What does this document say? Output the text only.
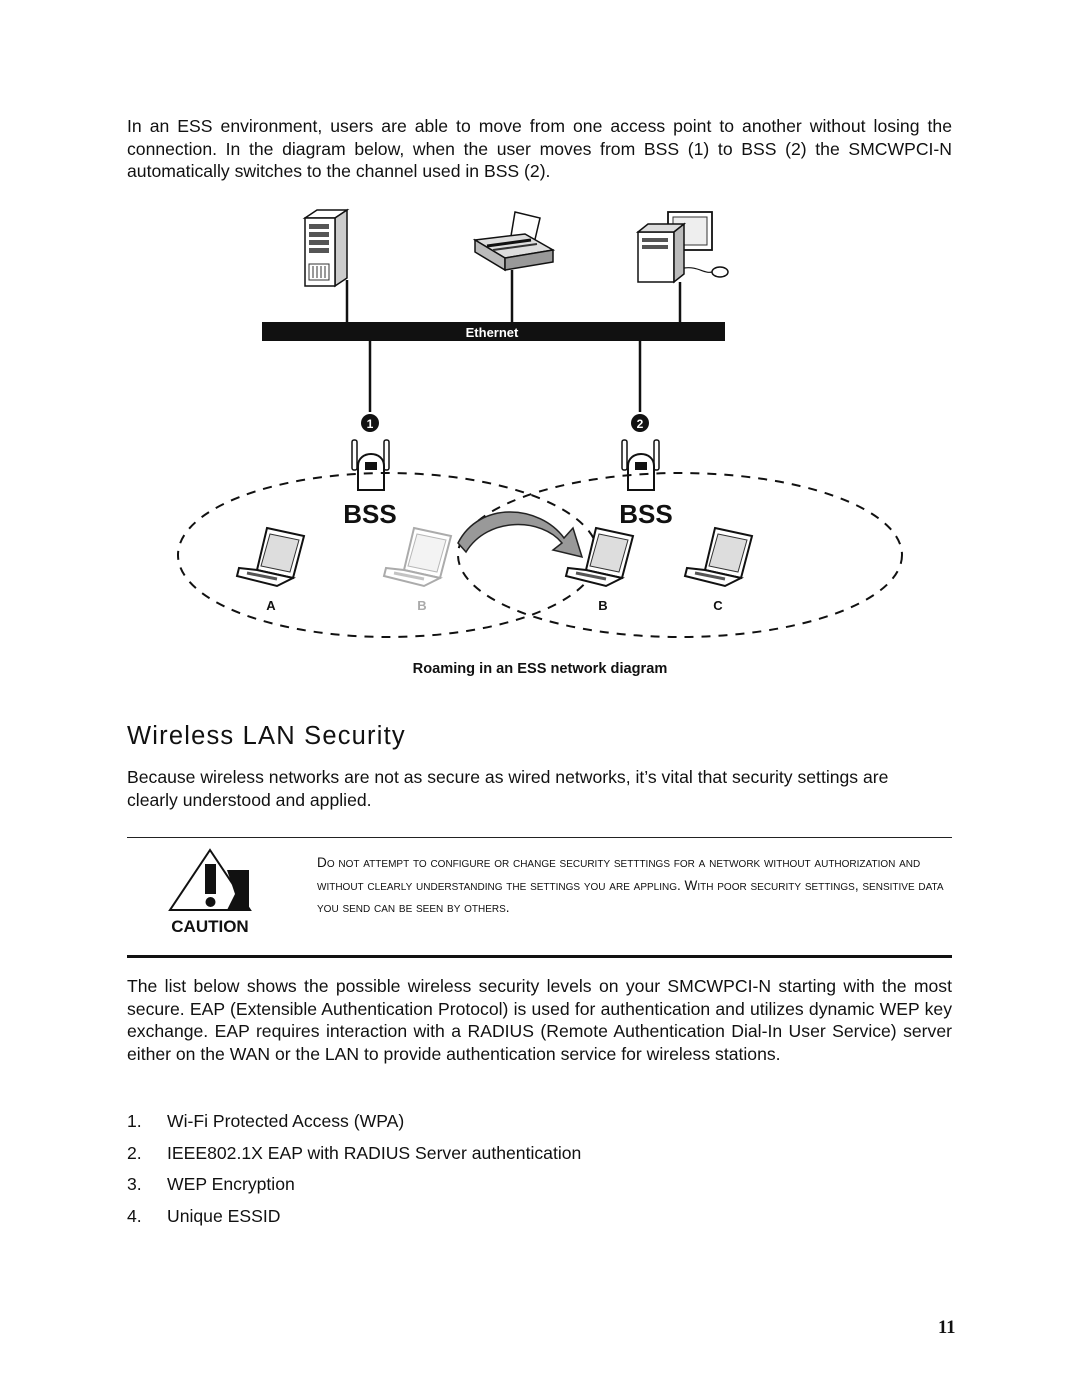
In an ESS environment, users are able to move from one access point to another without losing the connection. In the diagram below, when the user moves from BSS (1) to BSS (2) the SMCWPCI-N automatically switches to the channel used in BSS (2).

Ethernet
1	2
BSS	BSS
A	B	B	C
Roaming in an ESS network diagram
Wireless LAN Security

Because wireless networks are not as secure as wired networks, it’s vital that security settings are clearly understood and applied.

CAUTION

Do not attempt to configure or change security setttings for a network without authorization and without clearly understanding the settings you are appling. With poor security settings, sensitive data you send can be seen by others.

The list below shows the possible wireless security levels on your SMCWPCI-N starting with the most secure. EAP (Extensible Authentication Protocol) is used for authentication and utilizes dynamic WEP key exchange. EAP requires interaction with a RADIUS (Remote Authentication Dial-In User Service) server either on the WAN or the LAN to provide authentication service for wireless stations.

1. Wi-Fi Protected Access (WPA)
2. IEEE802.1X EAP with RADIUS Server authentication
3. WEP Encryption
4. Unique ESSID
11
